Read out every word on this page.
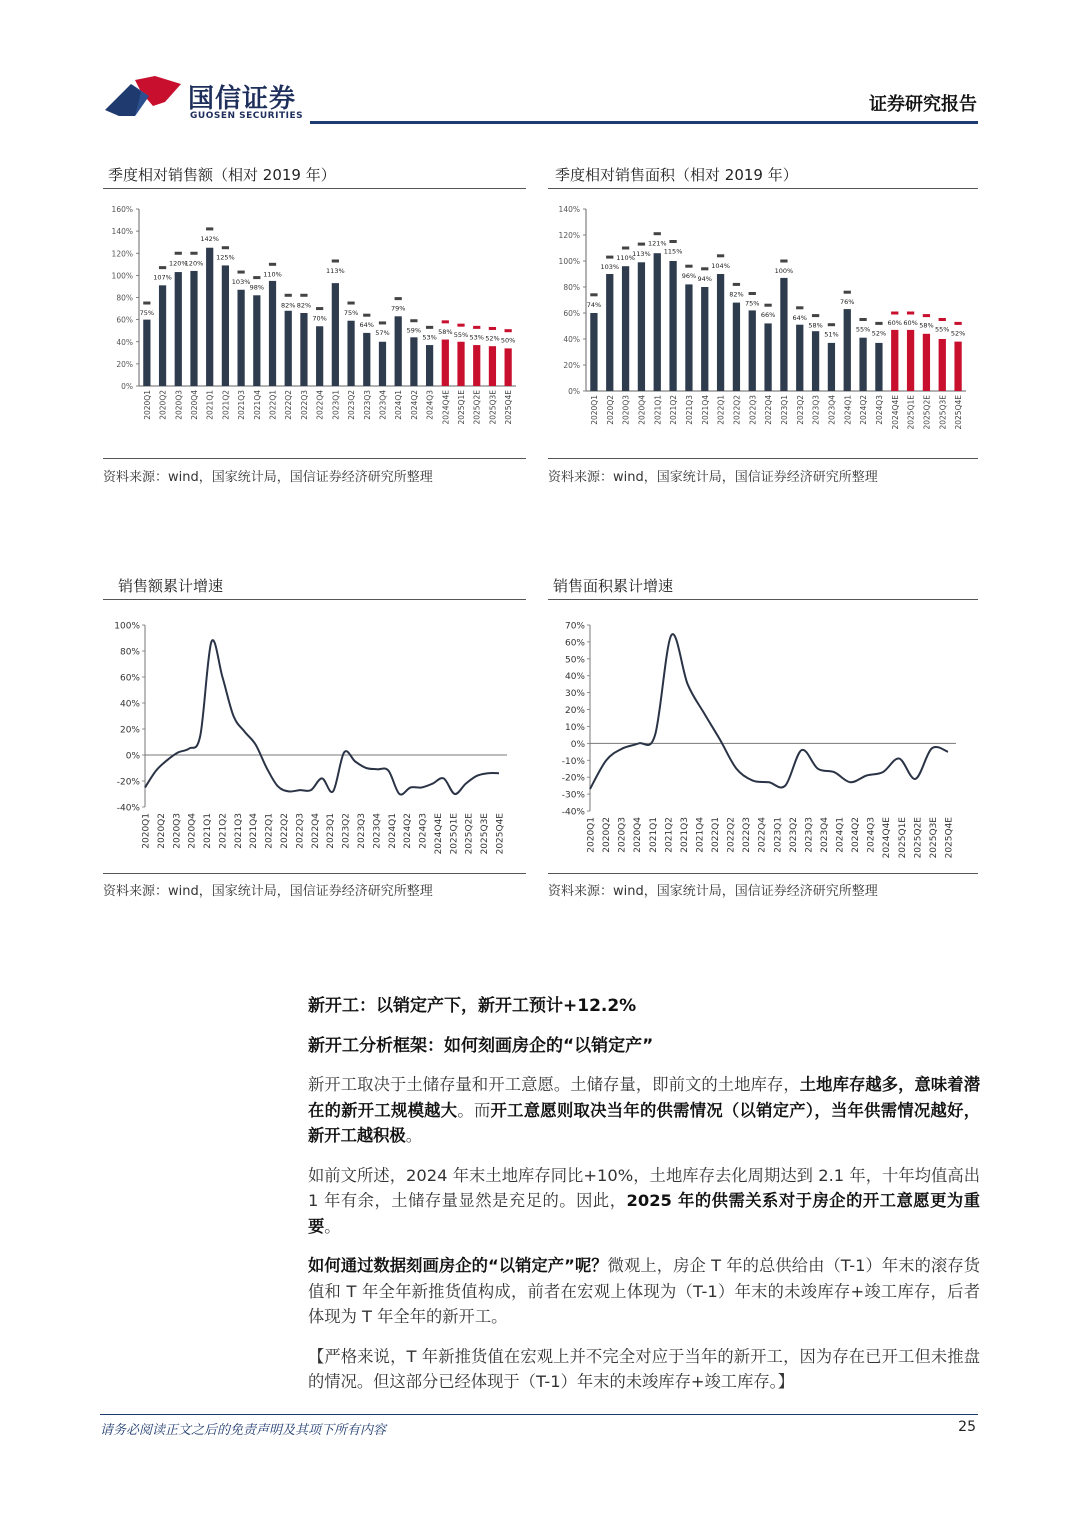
国信证券
GUOSEN SECURITIES
证券研究报告
季度相对销售额（相对 2019 年）
0%
20%
40%
60%
80%
100%
120%
140%
160%
75%
2020Q1
107%
2020Q2
120%
2020Q3
120%
2020Q4
142%
2021Q1
125%
2021Q2
103%
2021Q3
98%
2021Q4
110%
2022Q1
82%
2022Q2
82%
2022Q3
70%
2022Q4
113%
2023Q1
75%
2023Q2
64%
2023Q3
57%
2023Q4
79%
2024Q1
59%
2024Q2
53%
2024Q3
58%
2024Q4E
55%
2025Q1E
53%
2025Q2E
52%
2025Q3E
50%
2025Q4E
资料来源：wind，国家统计局，国信证券经济研究所整理
季度相对销售面积（相对 2019 年）
0%
20%
40%
60%
80%
100%
120%
140%
74%
2020Q1
103%
2020Q2
110%
2020Q3
113%
2020Q4
121%
2021Q1
115%
2021Q2
96%
2021Q3
94%
2021Q4
104%
2022Q1
82%
2022Q2
75%
2022Q3
66%
2022Q4
100%
2023Q1
64%
2023Q2
58%
2023Q3
51%
2023Q4
76%
2024Q1
55%
2024Q2
52%
2024Q3
60%
2024Q4E
60%
2025Q1E
58%
2025Q2E
55%
2025Q3E
52%
2025Q4E
资料来源：wind，国家统计局，国信证券经济研究所整理
销售额累计增速
-40%
-20%
0%
20%
40%
60%
80%
100%
2020Q1 2020Q2 2020Q3 2020Q4 2021Q1 2021Q2 2021Q3 2021Q4 2022Q1 2022Q2 2022Q3 2022Q4 2023Q1 2023Q2 2023Q3 2023Q4 2024Q1 2024Q2 2024Q3 2024Q4E 2025Q1E 2025Q2E 2025Q3E 2025Q4E
资料来源：wind，国家统计局，国信证券经济研究所整理
销售面积累计增速
-40%
-30%
-20%
-10%
0%
10%
20%
30%
40%
50%
60%
70%
2020Q1 2020Q2 2020Q3 2020Q4 2021Q1 2021Q2 2021Q3 2021Q4 2022Q1 2022Q2 2022Q3 2022Q4 2023Q1 2023Q2 2023Q3 2023Q4 2024Q1 2024Q2 2024Q3 2024Q4E 2025Q1E 2025Q2E 2025Q3E 2025Q4E
资料来源：wind，国家统计局，国信证券经济研究所整理
新开工：以销定产下，新开工预计+12.2%
新开工分析框架：如何刻画房企的“以销定产”

新开工取决于土储存量和开工意愿。土储存量，即前文的土地库存，土地库存越多，意味着潜在的新开工规模越大。而开工意愿则取决当年的供需情况（以销定产），当年供需情况越好，新开工越积极。

如前文所述，2024 年末土地库存同比+10%，土地库存去化周期达到 2.1 年，十年均值高出 1 年有余，土储存量显然是充足的。因此，2025 年的供需关系对于房企的开工意愿更为重要。

如何通过数据刻画房企的“以销定产”呢？微观上，房企 T 年的总供给由（T-1）年末的滚存货值和 T 年全年新推货值构成，前者在宏观上体现为（T-1）年末的未竣库存+竣工库存，后者体现为 T 年全年的新开工。

【严格来说，T 年新推货值在宏观上并不完全对应于当年的新开工，因为存在已开工但未推盘的情况。但这部分已经体现于（T-1）年末的未竣库存+竣工库存。】

请务必阅读正文之后的免责声明及其项下所有内容	25
